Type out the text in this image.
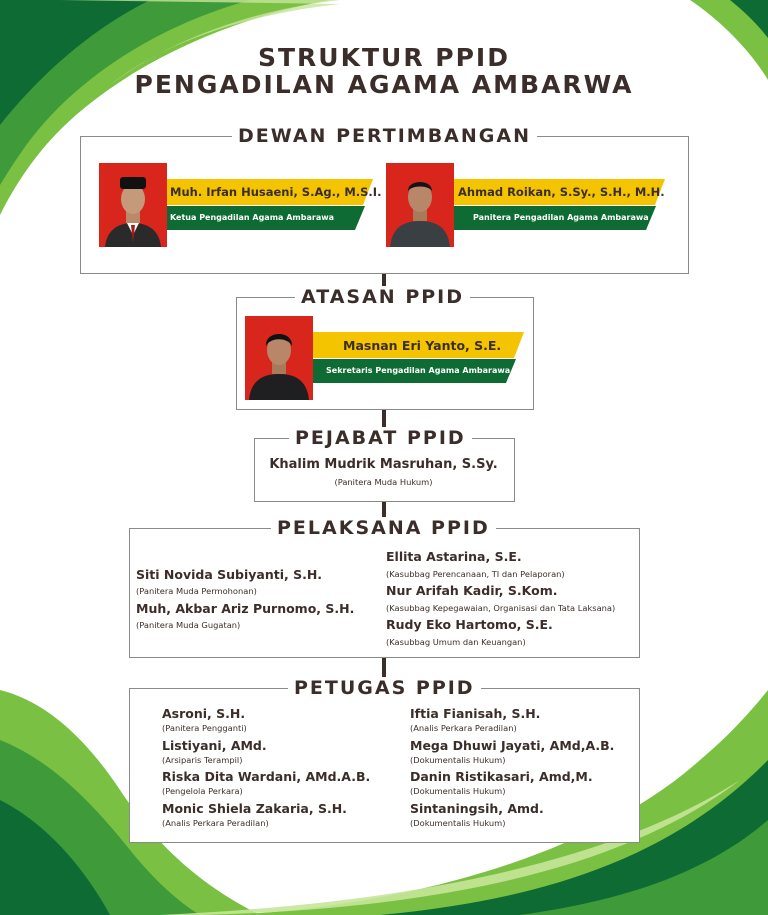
STRUKTUR PPID
PENGADILAN AGAMA AMBARWA
DEWAN PERTIMBANGAN
Muh. Irfan Husaeni, S.Ag., M.S.I.
Ketua Pengadilan Agama Ambarawa
Ahmad Roikan, S.Sy., S.H., M.H.
Panitera Pengadilan Agama Ambarawa
ATASAN PPID
Masnan Eri Yanto, S.E.
Sekretaris Pengadilan Agama Ambarawa
PEJABAT PPID
Khalim Mudrik Masruhan, S.Sy.
(Panitera Muda Hukum)
PELAKSANA PPID
Siti Novida Subiyanti, S.H.
(Panitera Muda Permohonan)
Muh, Akbar Ariz Purnomo, S.H.
(Panitera Muda Gugatan)
Ellita Astarina, S.E.
(Kasubbag Perencanaan, TI dan Pelaporan)
Nur Arifah Kadir, S.Kom.
(Kasubbag Kepegawaian, Organisasi dan Tata Laksana)
Rudy Eko Hartomo, S.E.
(Kasubbag Umum dan Keuangan)
PETUGAS PPID
Asroni, S.H.
(Panitera Pengganti)
Listiyani, AMd.
(Arsiparis Terampil)
Riska Dita Wardani, AMd.A.B.
(Pengelola Perkara)
Monic Shiela Zakaria, S.H.
(Analis Perkara Peradilan)
Iftia Fianisah, S.H.
(Analis Perkara Peradilan)
Mega Dhuwi Jayati, AMd,A.B.
(Dokumentalis Hukum)
Danin Ristikasari, Amd,M.
(Dokumentalis Hukum)
Sintaningsih, Amd.
(Dokumentalis Hukum)
